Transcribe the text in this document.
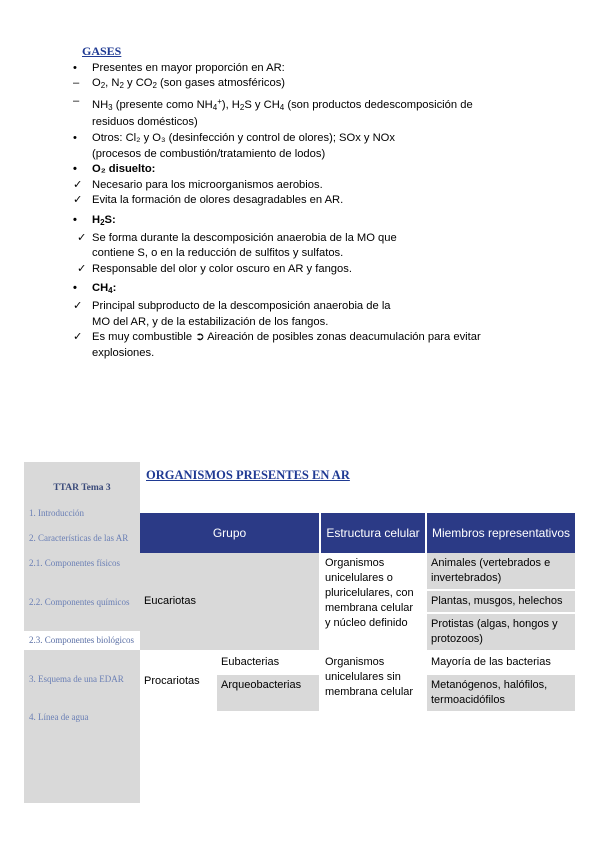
GASES
•	Presentes en mayor proporción en AR:
–	$O_2$, $N_2$ y $CO_2$ (son gases atmosféricos)
–	$NH_3$ (presente como $NH_4^+$), $H_2S$ y $CH_4$ (son productos dedescomposición de
residuos domésticos)
•	Otros: Cl₂ y O₃ (desinfección y control de olores); SOx y NOx
(procesos de combustión/tratamiento de lodos)
•	O₂ disuelto:
✓ Necesario para los microorganismos aerobios.
✓ Evita la formación de olores desagradables en AR.
•	$H_2S$:
✓ Se forma durante la descomposición anaerobia de la MO que
contiene S, o en la reducción de sulfitos y sulfatos.
✓ Responsable del olor y color oscuro en AR y fangos.
•	$CH_4$:
✓ Principal subproducto de la descomposición anaerobia de la
MO del AR, y de la estabilización de los fangos.
✓ Es muy combustible ➲ Aireación de posibles zonas deacumulación para evitar
explosiones.
TTAR Tema 3
1. Introducción
2. Características de las AR
2.1. Componentes físicos
2.2. Componentes químicos
2.3. Componentes biológicos
3. Esquema de una EDAR
4. Línea de agua
ORGANISMOS PRESENTES EN AR
Grupo		Estructura celular	Miembros representativos
Eucariotas		Organismos unicelulares o pluricelulares, con membrana celular y núcleo definido	Animales (vertebrados e invertebrados)
			Plantas, musgos, helechos
			Protistas (algas, hongos y protozoos)
Procariotas	Eubacterias	Organismos unicelulares sin membrana celular	Mayoría de las bacterias
	Arqueobacterias		Metanógenos, halófilos, termoacidófilos
